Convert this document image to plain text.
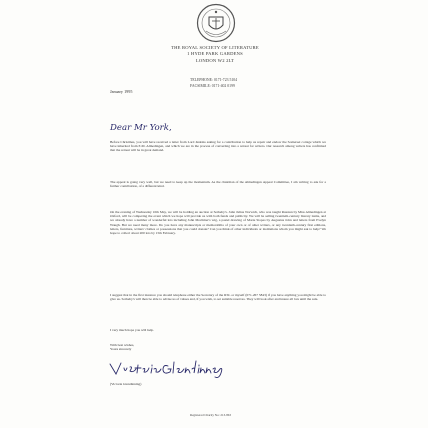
THE ROYAL SOCIETY OF LITERATURE
1 HYDE PARK GARDENS
LONDON W2 2LT
TELEPHONE: 0171-723 5104
FACSIMILE: 0171-402 0199
January 1995
Dear Mr York,
Before Christmas, you will have received a letter from Lord Jenkins asking for a contribution to help us repair and endow the Somerset cottage which we have inherited from E.M. Almedingen, and which we are in the process of converting into a retreat for writers. Our research among writers has confirmed that the retreat will be in great demand.
The appeal is going very well, but we need to keep up the momentum. As the chairman of the Almedingen Appeal Committee, I am writing to ask for a further contribution, of a different kind.
On the evening of Wednesday 10th May, we will be holding an auction at Sotheby's. John Julius Norwich, who was taught Russian by Miss Almedingen at Oxford, will be compering the event which we hope will provide us with both funds and publicity. We will be selling twentieth-century literary items, and we already have a number of wonderful lots including John Mortimer's wig, a pastel drawing of Marie Stopes by Augustus John and letters from Evelyn Waugh. But we need many more. Do you have any manuscripts or memorabilia of your own or of other writers, or any twentieth-century first editions, letters, furniture, writers' clothes or possessions that you could donate? Can you think of other individuals or institutions whom you might ask to help? We hope to collect about 200 lots by 15th February.
I suggest that in the first instance you should telephone either the Secretary of the RSL or myself (071-267 5843) if you have anything you might be able to give us. Sotheby's will then be able to advise us of values and, if you wish, to set suitable reserves. They will look after and insure all lots until the sale.
I very much hope you will help.
With best wishes,
Yours sincerely
(Victoria Glendinning)
Registered Charity No: 213-863
